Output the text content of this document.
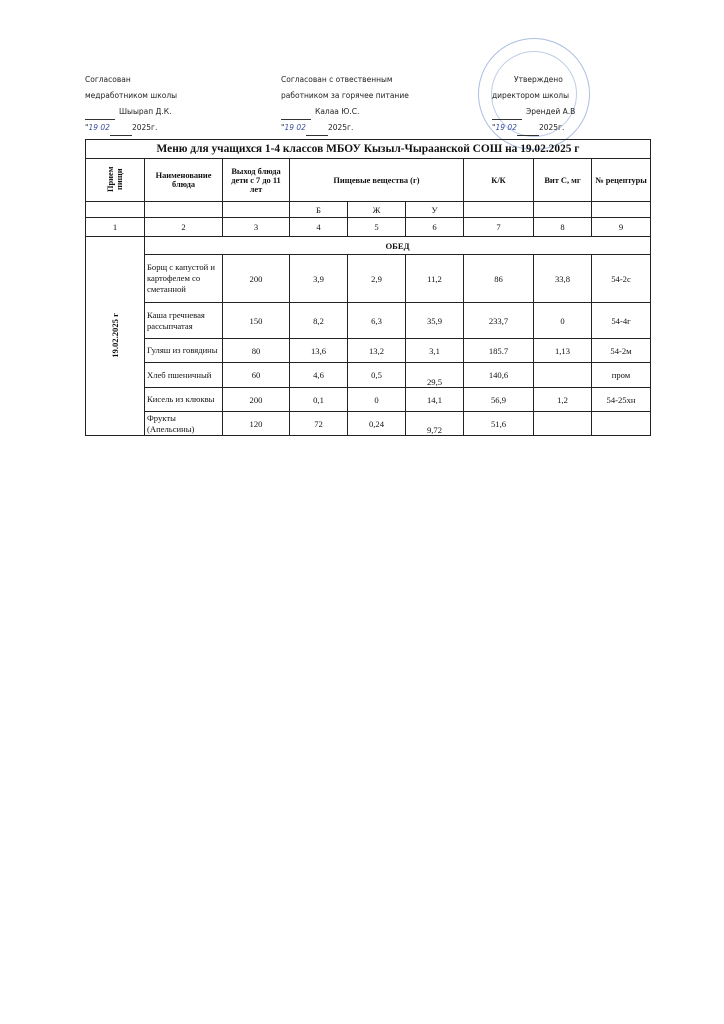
Согласован
медработником школы
Шыырап Д.К.
"19 02	2025г.
Согласован с отвественным
работником за горячее питание
Калаа Ю.С.
"19 02	2025г.
Утверждено
директором школы
Эрендей А.В
"19 02	2025г.
Меню для учащихся 1-4 классов МБОУ Кызыл-Чыраанской СОШ на 19.02.2025 г								
Прием пищи	Наименование блюда	Выход блюда дети с 7 до 11 лет	Пищевые вещества (г)			К/К	Вит С, мг	№ рецептуры
			Б	Ж	У			
1	2	3	4	5	6	7	8	9
19.02.2025 г	ОБЕД							
	Борщ с капустой и картофелем со сметанной	200	3,9	2,9	11,2	86	33,8	54-2с
	Каша гречневая рассыпчатая	150	8,2	6,3	35,9	233,7	0	54-4г
	Гуляш из говядины	80	13,6	13,2	3,1	185.7	1,13	54-2м
	Хлеб пшеничный	60	4,6	0,5	29,5	140,6		пром
	Кисель из клюквы	200	0,1	0	14,1	56,9	1,2	54-25хн
	Фрукты (Апельсины)	120	72	0,24	9,72	51,6		
